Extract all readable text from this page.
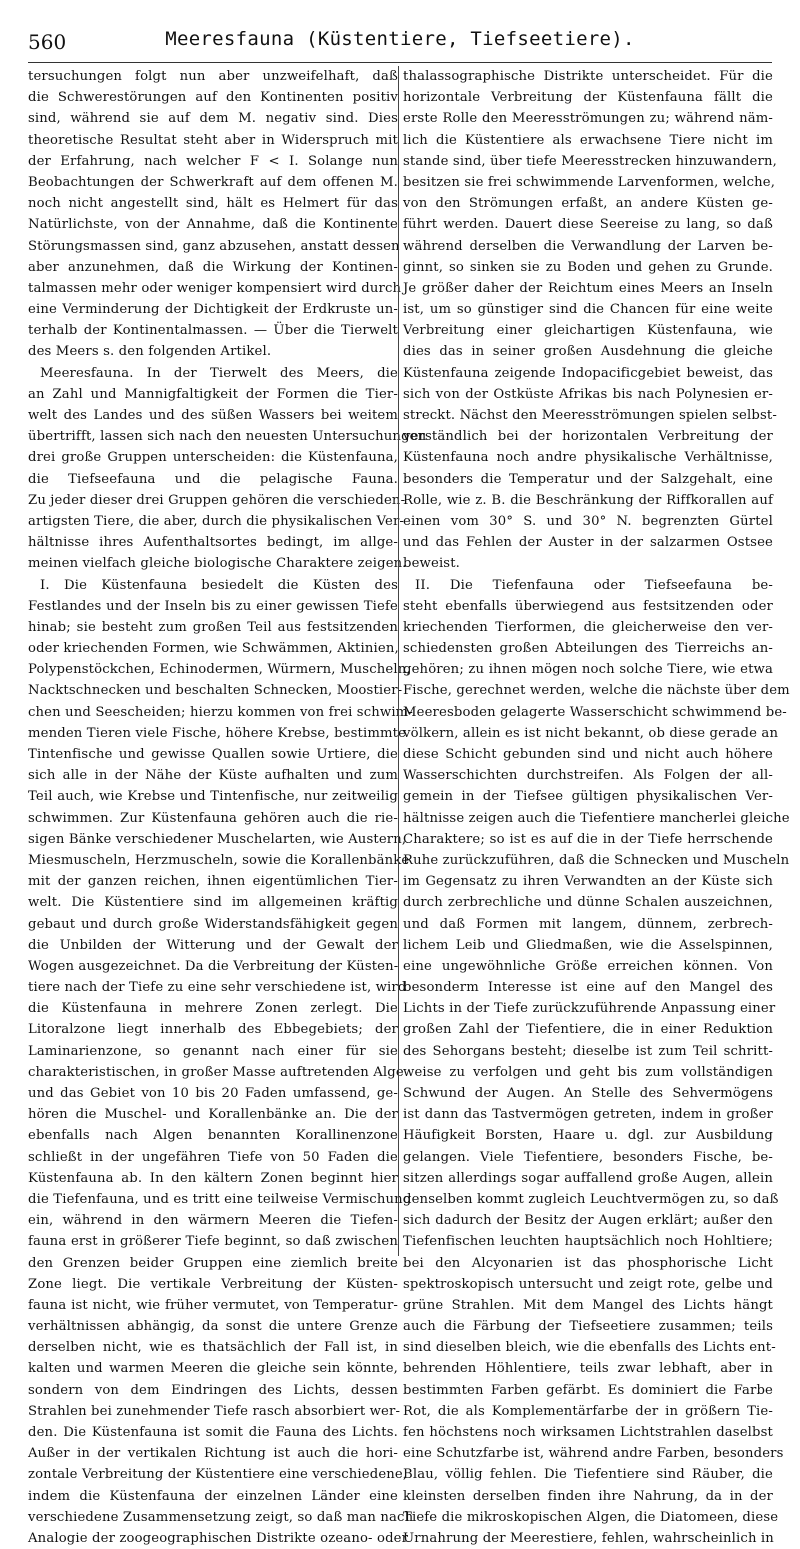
560	Meeresfauna (Küstentiere, Tiefseetiere).
tersuchungen folgt nun aber unzweifelhaft, daß
die Schwerestörungen auf den Kontinenten positiv
sind, während sie auf dem M. negativ sind. Dies
theoretische Resultat steht aber in Widerspruch mit
der Erfahrung, nach welcher F < I. Solange nun
Beobachtungen der Schwerkraft auf dem offenen M.
noch nicht angestellt sind, hält es Helmert für das
Natürlichste, von der Annahme, daß die Kontinente
Störungsmassen sind, ganz abzusehen, anstatt dessen
aber anzunehmen, daß die Wirkung der Kontinen-
talmassen mehr oder weniger kompensiert wird durch
eine Verminderung der Dichtigkeit der Erdkruste un-
terhalb der Kontinentalmassen. — Über die Tierwelt
des Meers s. den folgenden Artikel.
Meeresfauna. In der Tierwelt des Meers, die
an Zahl und Mannigfaltigkeit der Formen die Tier-
welt des Landes und des süßen Wassers bei weitem
übertrifft, lassen sich nach den neuesten Untersuchungen
drei große Gruppen unterscheiden: die Küstenfauna,
die Tiefseefauna und die pelagische Fauna.
Zu jeder dieser drei Gruppen gehören die verschieden-
artigsten Tiere, die aber, durch die physikalischen Ver-
hältnisse ihres Aufenthaltsortes bedingt, im allge-
meinen vielfach gleiche biologische Charaktere zeigen.
I. Die Küstenfauna besiedelt die Küsten des
Festlandes und der Inseln bis zu einer gewissen Tiefe
hinab; sie besteht zum großen Teil aus festsitzenden
oder kriechenden Formen, wie Schwämmen, Aktinien,
Polypenstöckchen, Echinodermen, Würmern, Muscheln,
Nacktschnecken und beschalten Schnecken, Moostier-
chen und Seescheiden; hierzu kommen von frei schwim-
menden Tieren viele Fische, höhere Krebse, bestimmte
Tintenfische und gewisse Quallen sowie Urtiere, die
sich alle in der Nähe der Küste aufhalten und zum
Teil auch, wie Krebse und Tintenfische, nur zeitweilig
schwimmen. Zur Küstenfauna gehören auch die rie-
sigen Bänke verschiedener Muschelarten, wie Austern,
Miesmuscheln, Herzmuscheln, sowie die Korallenbänke
mit der ganzen reichen, ihnen eigentümlichen Tier-
welt. Die Küstentiere sind im allgemeinen kräftig
gebaut und durch große Widerstandsfähigkeit gegen
die Unbilden der Witterung und der Gewalt der
Wogen ausgezeichnet. Da die Verbreitung der Küsten-
tiere nach der Tiefe zu eine sehr verschiedene ist, wird
die Küstenfauna in mehrere Zonen zerlegt. Die
Litoralzone liegt innerhalb des Ebbegebiets; der
Laminarienzone, so genannt nach einer für sie
charakteristischen, in großer Masse auftretenden Alge
und das Gebiet von 10 bis 20 Faden umfassend, ge-
hören die Muschel- und Korallenbänke an. Die der
ebenfalls nach Algen benannten Korallinenzone
schließt in der ungefähren Tiefe von 50 Faden die
Küstenfauna ab. In den kältern Zonen beginnt hier
die Tiefenfauna, und es tritt eine teilweise Vermischung
ein, während in den wärmern Meeren die Tiefen-
fauna erst in größerer Tiefe beginnt, so daß zwischen
den Grenzen beider Gruppen eine ziemlich breite
Zone liegt. Die vertikale Verbreitung der Küsten-
fauna ist nicht, wie früher vermutet, von Temperatur-
verhältnissen abhängig, da sonst die untere Grenze
derselben nicht, wie es thatsächlich der Fall ist, in
kalten und warmen Meeren die gleiche sein könnte,
sondern von dem Eindringen des Lichts, dessen
Strahlen bei zunehmender Tiefe rasch absorbiert wer-
den. Die Küstenfauna ist somit die Fauna des Lichts.
Außer in der vertikalen Richtung ist auch die hori-
zontale Verbreitung der Küstentiere eine verschiedene,
indem die Küstenfauna der einzelnen Länder eine
verschiedene Zusammensetzung zeigt, so daß man nach
Analogie der zoogeographischen Distrikte ozeano- oder
thalassographische Distrikte unterscheidet. Für die
horizontale Verbreitung der Küstenfauna fällt die
erste Rolle den Meeresströmungen zu; während näm-
lich die Küstentiere als erwachsene Tiere nicht im
stande sind, über tiefe Meeresstrecken hinzuwandern,
besitzen sie frei schwimmende Larvenformen, welche,
von den Strömungen erfaßt, an andere Küsten ge-
führt werden. Dauert diese Seereise zu lang, so daß
während derselben die Verwandlung der Larven be-
ginnt, so sinken sie zu Boden und gehen zu Grunde.
Je größer daher der Reichtum eines Meers an Inseln
ist, um so günstiger sind die Chancen für eine weite
Verbreitung einer gleichartigen Küstenfauna, wie
dies das in seiner großen Ausdehnung die gleiche
Küstenfauna zeigende Indopacificgebiet beweist, das
sich von der Ostküste Afrikas bis nach Polynesien er-
streckt. Nächst den Meeresströmungen spielen selbst-
verständlich bei der horizontalen Verbreitung der
Küstenfauna noch andre physikalische Verhältnisse,
besonders die Temperatur und der Salzgehalt, eine
Rolle, wie z. B. die Beschränkung der Riffkorallen auf
einen vom 30° S. und 30° N. begrenzten Gürtel
und das Fehlen der Auster in der salzarmen Ostsee
beweist.
II. Die Tiefenfauna oder Tiefseefauna be-
steht ebenfalls überwiegend aus festsitzenden oder
kriechenden Tierformen, die gleicherweise den ver-
schiedensten großen Abteilungen des Tierreichs an-
gehören; zu ihnen mögen noch solche Tiere, wie etwa
Fische, gerechnet werden, welche die nächste über dem
Meeresboden gelagerte Wasserschicht schwimmend be-
völkern, allein es ist nicht bekannt, ob diese gerade an
diese Schicht gebunden sind und nicht auch höhere
Wasserschichten durchstreifen. Als Folgen der all-
gemein in der Tiefsee gültigen physikalischen Ver-
hältnisse zeigen auch die Tiefentiere mancherlei gleiche
Charaktere; so ist es auf die in der Tiefe herrschende
Ruhe zurückzuführen, daß die Schnecken und Muscheln
im Gegensatz zu ihren Verwandten an der Küste sich
durch zerbrechliche und dünne Schalen auszeichnen,
und daß Formen mit langem, dünnem, zerbrech-
lichem Leib und Gliedmaßen, wie die Asselspinnen,
eine ungewöhnliche Größe erreichen können. Von
besonderm Interesse ist eine auf den Mangel des
Lichts in der Tiefe zurückzuführende Anpassung einer
großen Zahl der Tiefentiere, die in einer Reduktion
des Sehorgans besteht; dieselbe ist zum Teil schritt-
weise zu verfolgen und geht bis zum vollständigen
Schwund der Augen. An Stelle des Sehvermögens
ist dann das Tastvermögen getreten, indem in großer
Häufigkeit Borsten, Haare u. dgl. zur Ausbildung
gelangen. Viele Tiefentiere, besonders Fische, be-
sitzen allerdings sogar auffallend große Augen, allein
denselben kommt zugleich Leuchtvermögen zu, so daß
sich dadurch der Besitz der Augen erklärt; außer den
Tiefenfischen leuchten hauptsächlich noch Hohltiere;
bei den Alcyonarien ist das phosphorische Licht
spektroskopisch untersucht und zeigt rote, gelbe und
grüne Strahlen. Mit dem Mangel des Lichts hängt
auch die Färbung der Tiefseetiere zusammen; teils
sind dieselben bleich, wie die ebenfalls des Lichts ent-
behrenden Höhlentiere, teils zwar lebhaft, aber in
bestimmten Farben gefärbt. Es dominiert die Farbe
Rot, die als Komplementärfarbe der in größern Tie-
fen höchstens noch wirksamen Lichtstrahlen daselbst
eine Schutzfarbe ist, während andre Farben, besonders
Blau, völlig fehlen. Die Tiefentiere sind Räuber, die
kleinsten derselben finden ihre Nahrung, da in der
Tiefe die mikroskopischen Algen, die Diatomeen, diese
Urnahrung der Meerestiere, fehlen, wahrscheinlich in
